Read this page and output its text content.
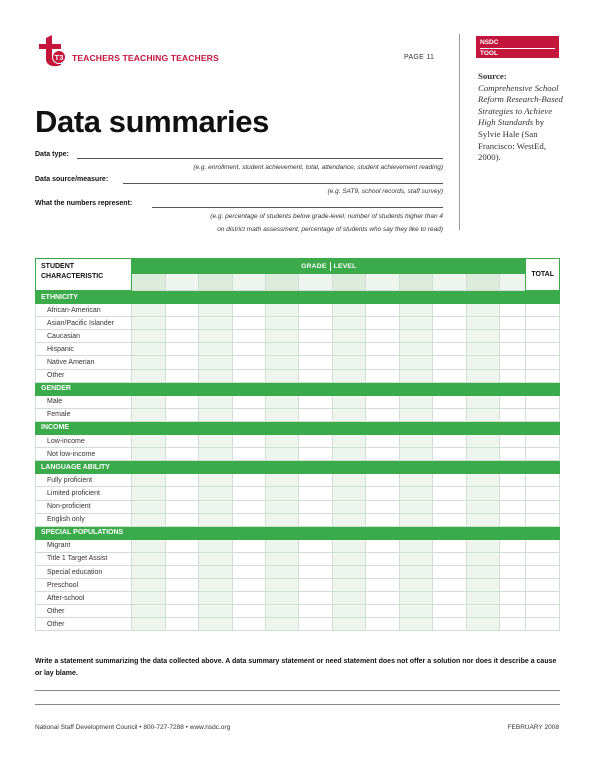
T3 TEACHERS TEACHING TEACHERS	PAGE 11
NSDC
TOOL
Source:
Comprehensive School Reform Research-Based Strategies to Achieve High Standards by Sylvie Hale (San Francisco: WestEd, 2000).
Data summaries
Data type:
(e.g. enrollment, student achievement, total, attendance, student achievement reading)
Data source/measure:
(e.g. SAT9, school records, staff survey)
What the numbers represent:
(e.g. percentage of students below grade-level; number of students higher than 4
on district math assessment; percentage of students who say they like to read)
STUDENT
CHARACTERISTIC	GRADE LEVEL												TOTAL

ETHNICITY													
African-American													
Asian/Pacific Islander													
Caucasian													
Hispanic													
Native Amerian													
Other													
GENDER													
Male													
Female													
INCOME													
Low-income													
Not low-income													
LANGUAGE ABILITY													
Fully proficient													
Limited proficient													
Non-proficient													
English only													
SPECIAL POPULATIONS													
Migrant													
Title 1 Target Assist													
Special education													
Preschool													
After-school													
Other													
Other													
Write a statement summarizing the data collected above. A data summary statement or need statement does not offer a solution nor does it describe a cause or lay blame.
National Staff Development Council • 800-727-7288 • www.nsdc.org	FEBRUARY 2008
